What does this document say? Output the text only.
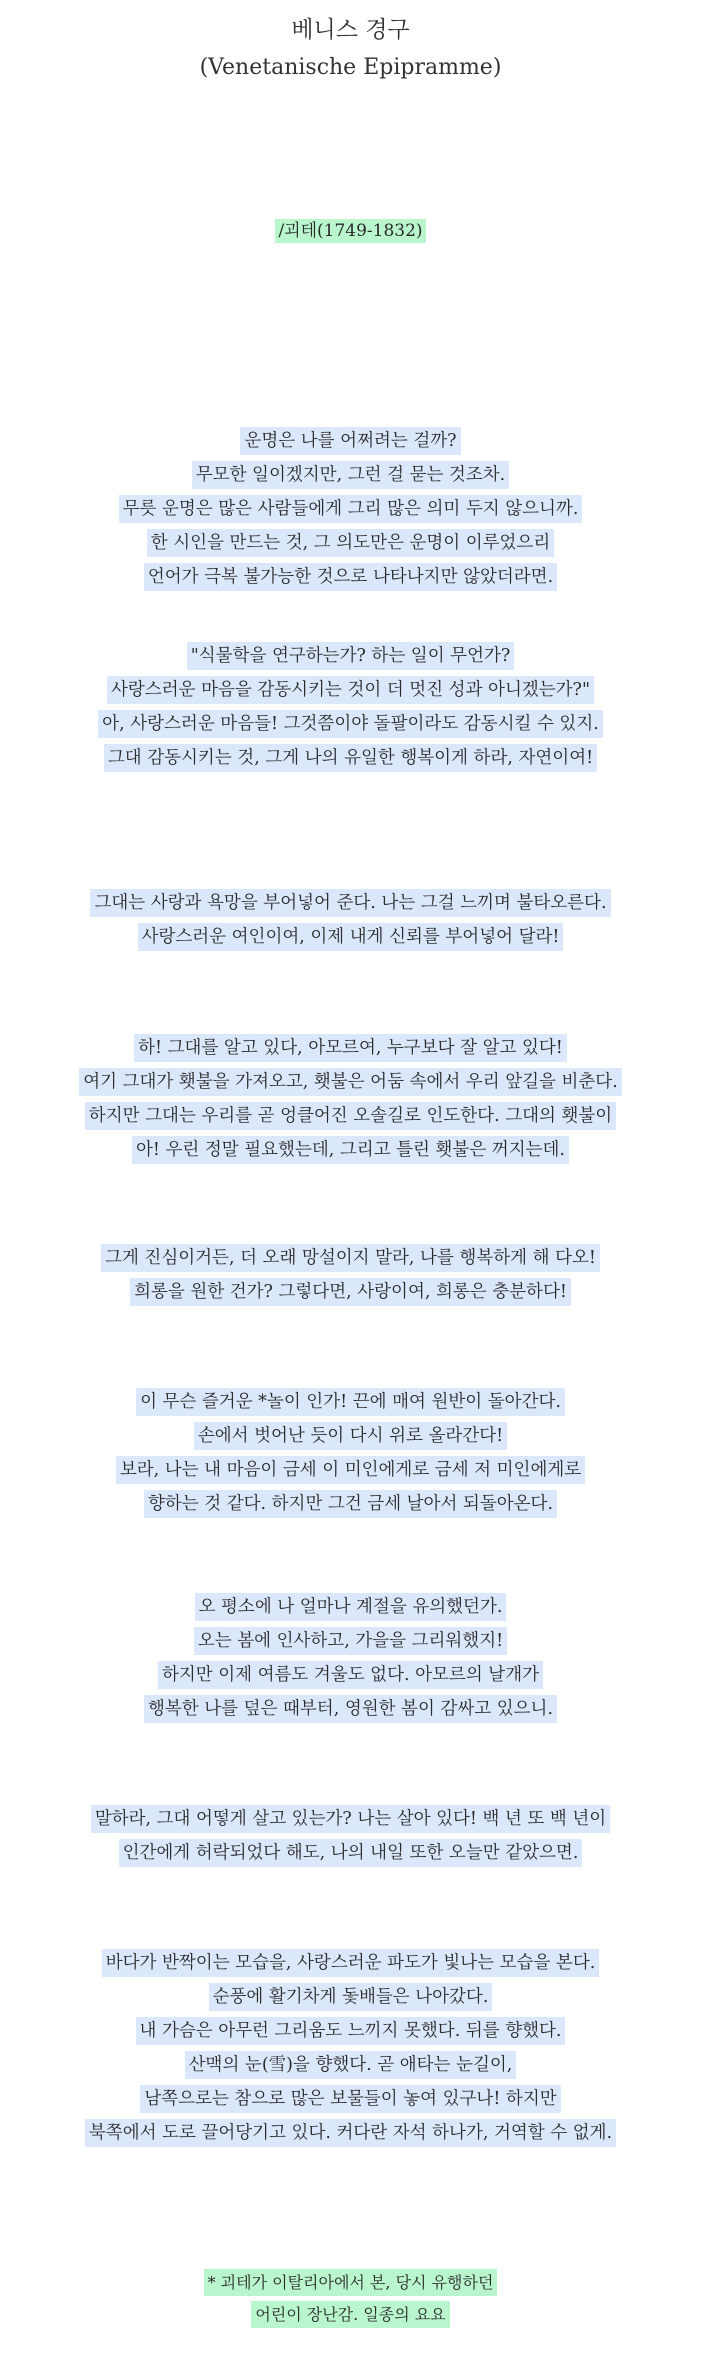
베니스 경구
(Venetanische Epipramme)
/괴테(1749-1832)
운명은 나를 어쩌려는 걸까?
무모한 일이겠지만, 그런 걸 묻는 것조차.
무릇 운명은 많은 사람들에게 그리 많은 의미 두지 않으니까.
한 시인을 만드는 것, 그 의도만은 운명이 이루었으리
언어가 극복 불가능한 것으로 나타나지만 않았더라면.
"식물학을 연구하는가? 하는 일이 무언가?
사랑스러운 마음을 감동시키는 것이 더 멋진 성과 아니겠는가?"
아, 사랑스러운 마음들! 그것쯤이야 돌팔이라도 감동시킬 수 있지.
그대 감동시키는 것, 그게 나의 유일한 행복이게 하라, 자연이여!
그대는 사랑과 욕망을 부어넣어 준다. 나는 그걸 느끼며 불타오른다.
사랑스러운 여인이여, 이제 내게 신뢰를 부어넣어 달라!
하! 그대를 알고 있다, 아모르여, 누구보다 잘 알고 있다!
여기 그대가 횃불을 가져오고, 횃불은 어둠 속에서 우리 앞길을 비춘다.
하지만 그대는 우리를 곧 엉클어진 오솔길로 인도한다. 그대의 횃불이
아! 우린 정말 필요했는데, 그리고 틀린 횃불은 꺼지는데.
그게 진심이거든, 더 오래 망설이지 말라, 나를 행복하게 해 다오!
희롱을 원한 건가? 그렇다면, 사랑이여, 희롱은 충분하다!
이 무슨 즐거운 *놀이 인가! 끈에 매여 원반이 돌아간다.
손에서 벗어난 듯이 다시 위로 올라간다!
보라, 나는 내 마음이 금세 이 미인에게로 금세 저 미인에게로
향하는 것 같다. 하지만 그건 금세 날아서 되돌아온다.
오 평소에 나 얼마나 계절을 유의했던가.
오는 봄에 인사하고, 가을을 그리워했지!
하지만 이제 여름도 겨울도 없다. 아모르의 날개가
행복한 나를 덮은 때부터, 영원한 봄이 감싸고 있으니.
말하라, 그대 어떻게 살고 있는가? 나는 살아 있다! 백 년 또 백 년이
인간에게 허락되었다 해도, 나의 내일 또한 오늘만 같았으면.
바다가 반짝이는 모습을, 사랑스러운 파도가 빛나는 모습을 본다.
순풍에 활기차게 돛배들은 나아갔다.
내 가슴은 아무런 그리움도 느끼지 못했다. 뒤를 향했다.
산맥의 눈(雪)을 향했다. 곧 애타는 눈길이,
남쪽으로는 참으로 많은 보물들이 놓여 있구나! 하지만
북쪽에서 도로 끌어당기고 있다. 커다란 자석 하나가, 거역할 수 없게.
* 괴테가 이탈리아에서 본, 당시 유행하던
어린이 장난감. 일종의 요요
